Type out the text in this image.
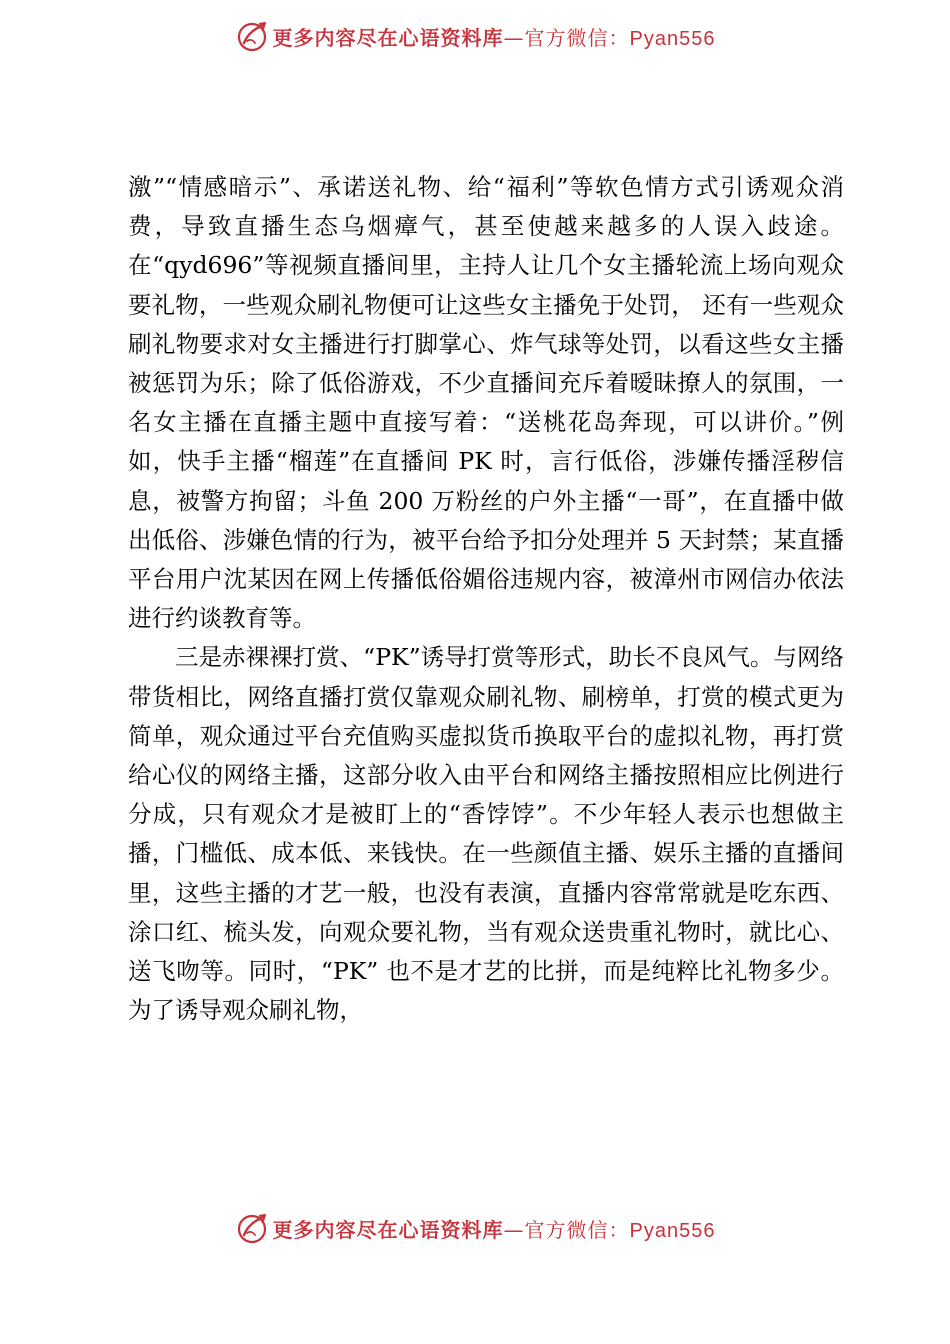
更多内容尽在心语资料库—官方微信：Pyan556

激”“情感暗示”、承诺送礼物、给“福利”等软色情方式引诱观众消费，导致直播生态乌烟瘴气，甚至使越来越多的人误入歧途。在“qyd696”等视频直播间里，主持人让几个女主播轮流上场向观众要礼物，一些观众刷礼物便可让这些女主播免于处罚， 还有一些观众刷礼物要求对女主播进行打脚掌心、炸气球等处罚，以看这些女主播被惩罚为乐；除了低俗游戏，不少直播间充斥着暧昧撩人的氛围，一名女主播在直播主题中直接写着：“送桃花岛奔现，可以讲价。”例如，快手主播“榴莲”在直播间 PK 时，言行低俗，涉嫌传播淫秽信息，被警方拘留；斗鱼 200 万粉丝的户外主播“一哥”，在直播中做出低俗、涉嫌色情的行为，被平台给予扣分处理并 5 天封禁；某直播平台用户沈某因在网上传播低俗媚俗违规内容，被漳州市网信办依法进行约谈教育等。

三是赤裸裸打赏、“PK”诱导打赏等形式，助长不良风气。与网络带货相比，网络直播打赏仅靠观众刷礼物、刷榜单，打赏的模式更为简单，观众通过平台充值购买虚拟货币换取平台的虚拟礼物，再打赏给心仪的网络主播，这部分收入由平台和网络主播按照相应比例进行分成，只有观众才是被盯上的“香饽饽”。不少年轻人表示也想做主播，门槛低、成本低、来钱快。在一些颜值主播、娱乐主播的直播间里，这些主播的才艺一般，也没有表演，直播内容常常就是吃东西、涂口红、梳头发，向观众要礼物，当有观众送贵重礼物时，就比心、送飞吻等。同时，“PK” 也不是才艺的比拼，而是纯粹比礼物多少。为了诱导观众刷礼物，

更多内容尽在心语资料库—官方微信：Pyan556
